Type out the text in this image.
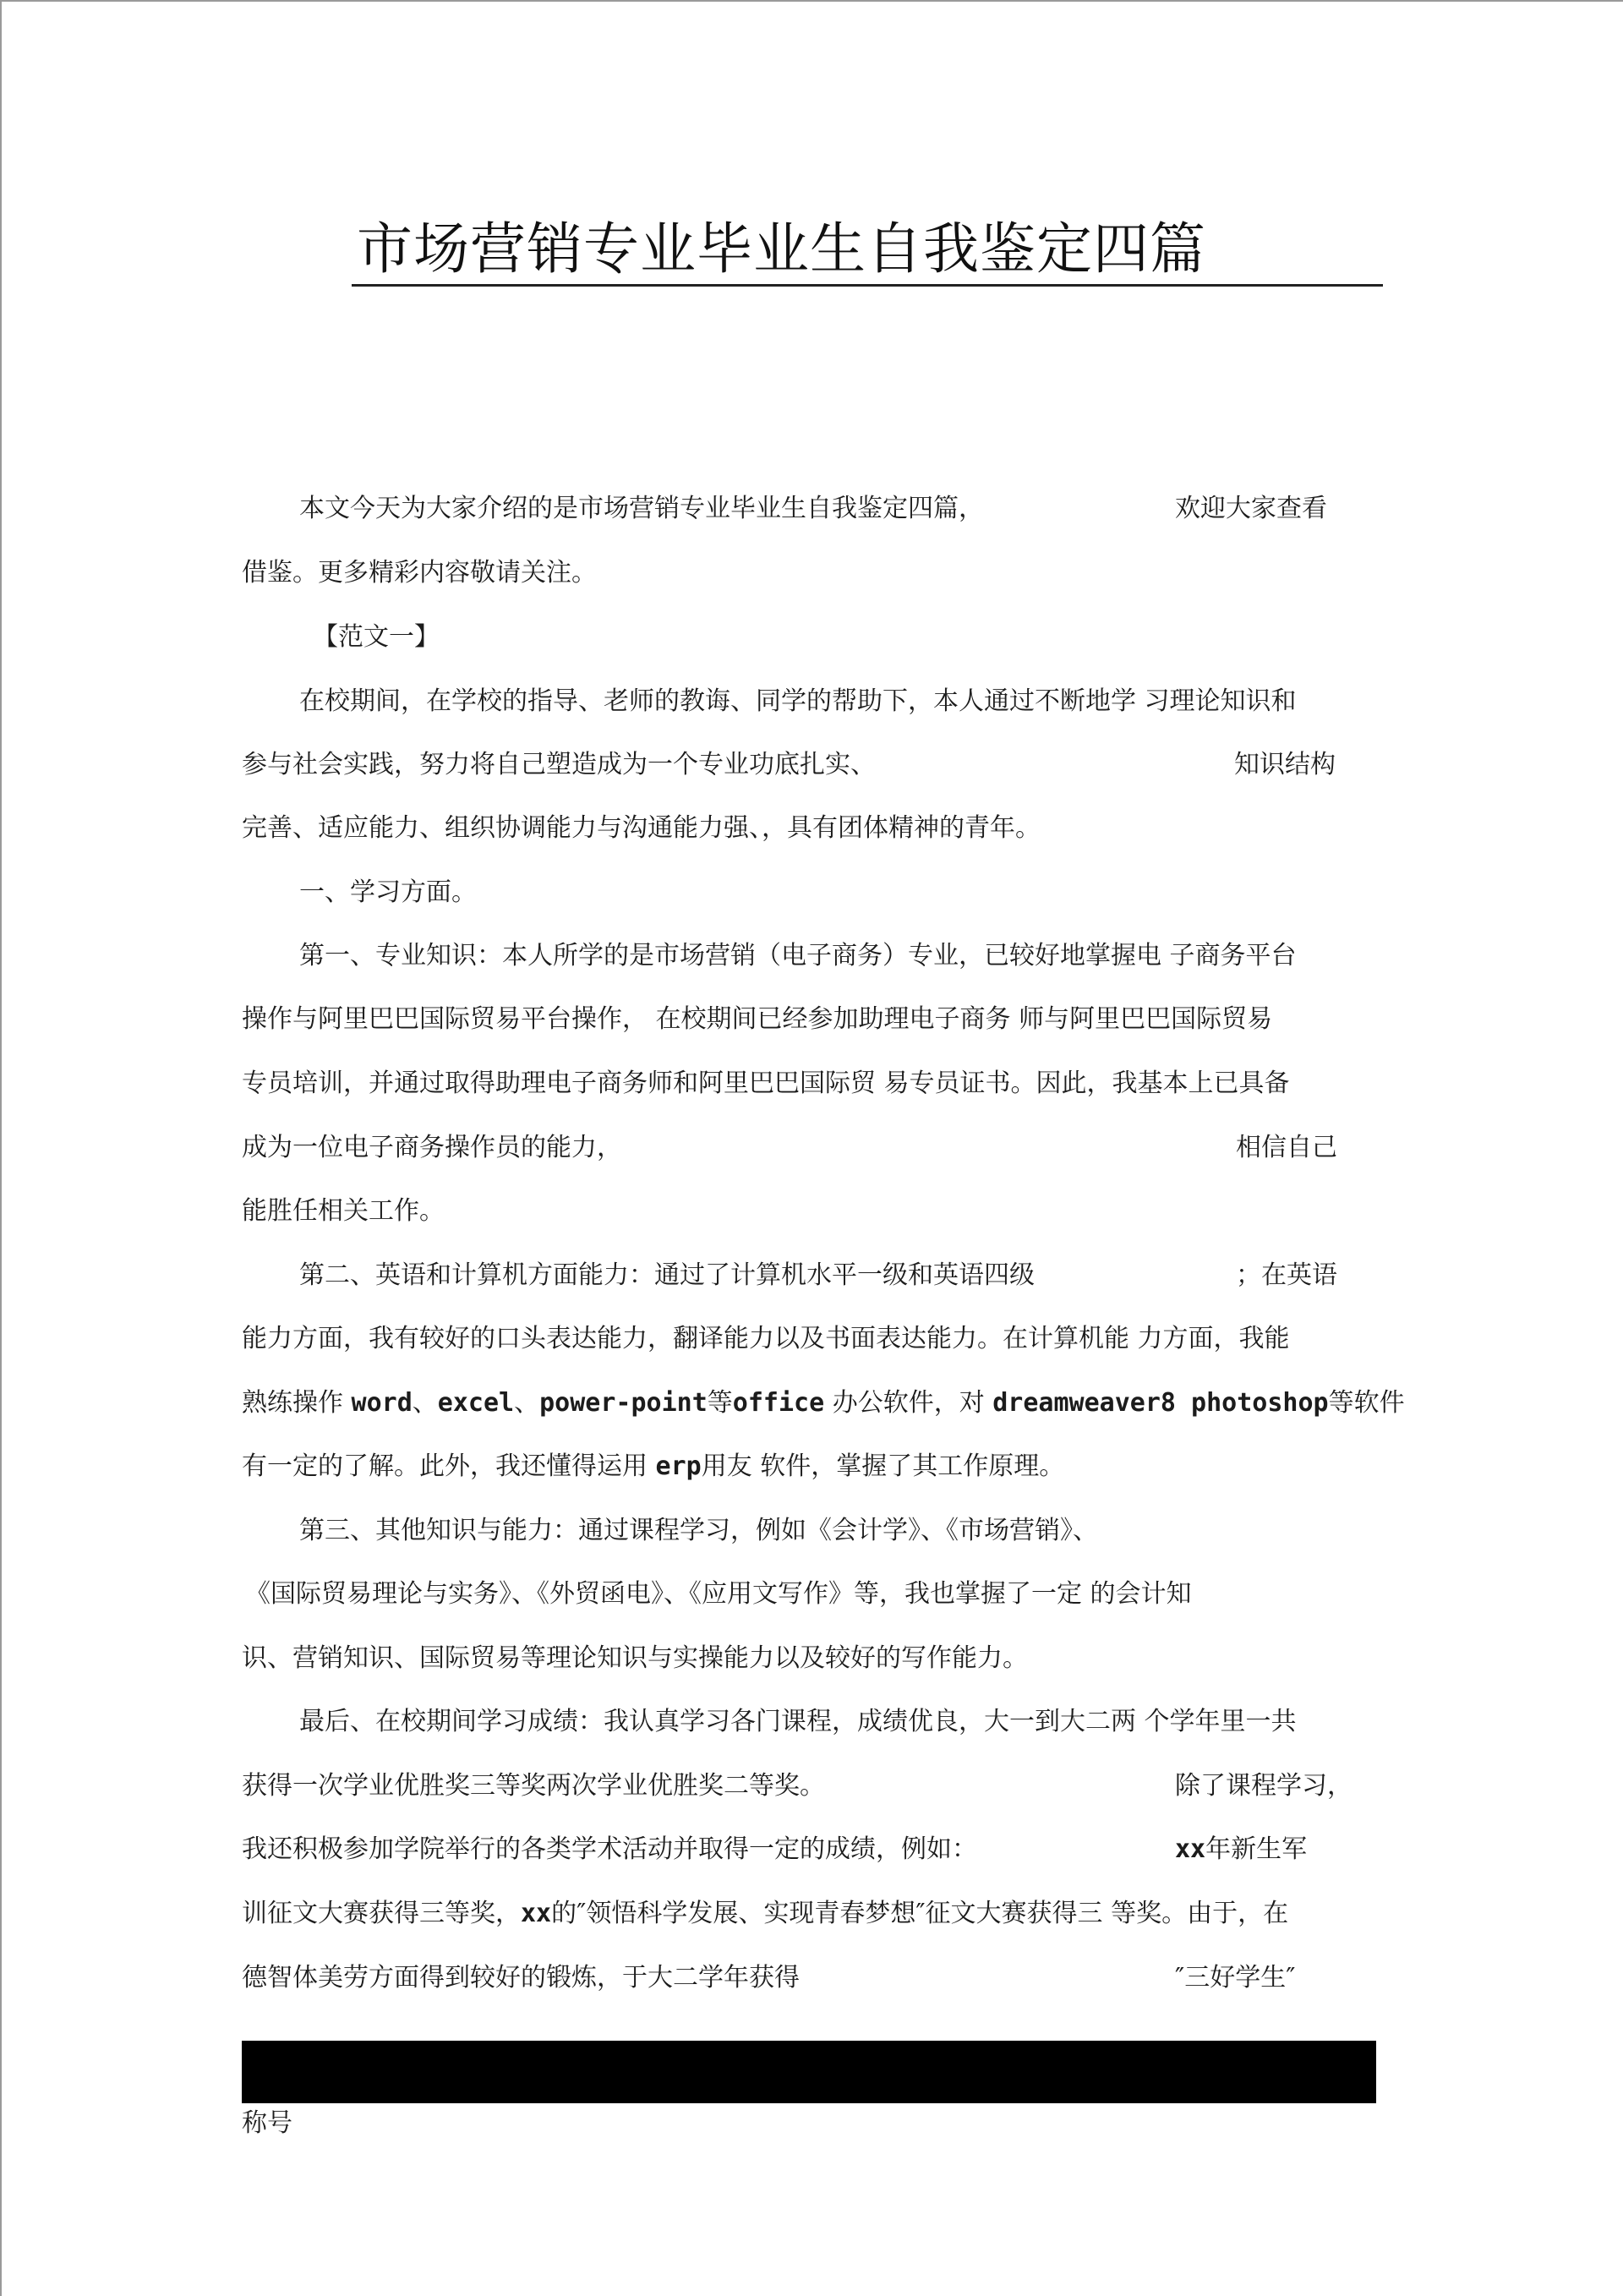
市场营销专业毕业生自我鉴定四篇
本文今天为大家介绍的是市场营销专业毕业生自我鉴定四篇，	欢迎大家查看
借鉴。更多精彩内容敬请关注。
【范文一】
在校期间，在学校的指导、老师的教诲、同学的帮助下，本人通过不断地学 习理论知识和
参与社会实践，努力将自己塑造成为一个专业功底扎实、	知识结构
完善、适应能力、组织协调能力与沟通能力强、，具有团体精神的青年。
一、学习方面。
第一、专业知识：本人所学的是市场营销（电子商务）专业，已较好地掌握电 子商务平台
操作与阿里巴巴国际贸易平台操作， 在校期间已经参加助理电子商务 师与阿里巴巴国际贸易
专员培训，并通过取得助理电子商务师和阿里巴巴国际贸 易专员证书。因此，我基本上已具备
成为一位电子商务操作员的能力，	相信自己
能胜任相关工作。
第二、英语和计算机方面能力：通过了计算机水平一级和英语四级	；在英语
能力方面，我有较好的口头表达能力，翻译能力以及书面表达能力。在计算机能 力方面，我能
熟练操作 word、excel、power-point等office 办公软件，对 dreamweaver8 photoshop等软件
有一定的了解。此外，我还懂得运用 erp用友 软件，掌握了其工作原理。
第三、其他知识与能力：通过课程学习，例如《会计学》、《市场营销》、
《国际贸易理论与实务》、《外贸函电》、《应用文写作》等，我也掌握了一定 的会计知
识、营销知识、国际贸易等理论知识与实操能力以及较好的写作能力。
最后、在校期间学习成绩：我认真学习各门课程，成绩优良，大一到大二两 个学年里一共
获得一次学业优胜奖三等奖两次学业优胜奖二等奖。	除了课程学习，
我还积极参加学院举行的各类学术活动并取得一定的成绩，例如：	xx年新生军
训征文大赛获得三等奖，xx的″领悟科学发展、实现青春梦想″征文大赛获得三 等奖。由于，在
德智体美劳方面得到较好的锻炼，于大二学年获得	″三好学生″
称号
